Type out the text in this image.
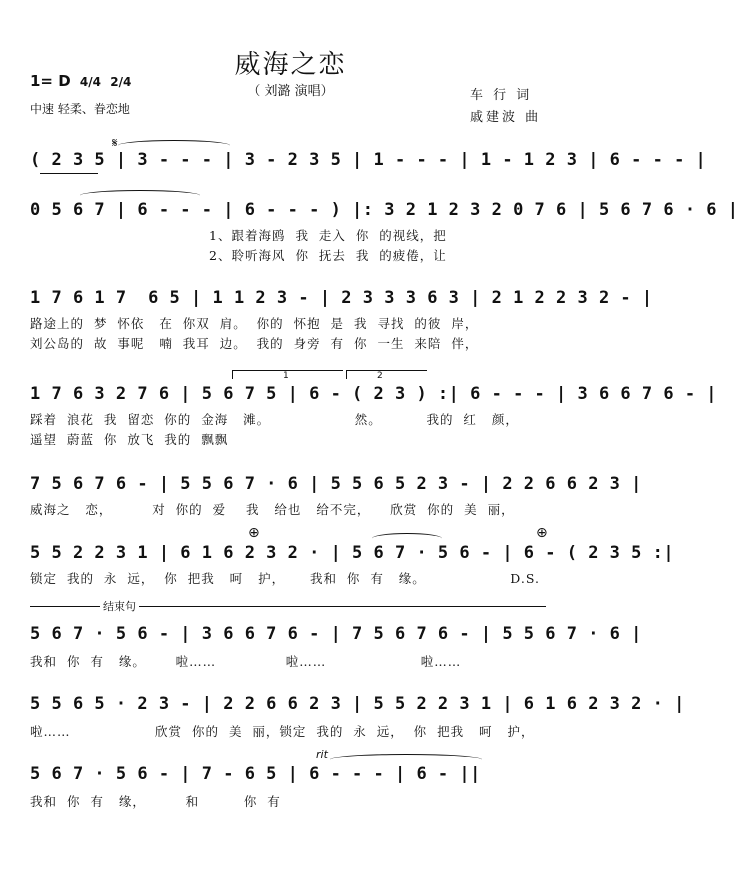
威海之恋
（ 刘潞 演唱）
1= D 4/4 2/4
中速 轻柔、眷恋地
车 行 词
戚建波 曲
( 2 3 5 | 3 - - - | 3 - 2 3 5 | 1 - - - | 1 - 1 2 3 | 6 - - - |
𝄋
0 5 6 7 | 6 - - - | 6 - - - ) |: 3 2 1 2 3 2 0 7 6 | 5 6 7 6 · 6 |
1、跟着海鸥  我  走入  你  的视线，把
2、聆听海风  你  抚去  我  的疲倦，让
1 7 6 1 7  6 5 | 1 1 2 3 - | 2 3 3 3 6 3 | 2 1 2 2 3 2 - |
路途上的  梦  怀依   在  你双  肩。  你的  怀抱  是  我  寻找  的彼  岸，
刘公岛的  故  事呢   喃  我耳  边。  我的  身旁  有  你  一生  来陪  伴，
1 7 6 3 2 7 6 | 5 6 7 5 | 6 - ( 2 3 ) :| 6 - - - | 3 6 6 7 6 - |
1	2
踩着  浪花  我  留恋  你的  金海   滩。                 然。         我的  红   颜，
遥望  蔚蓝  你  放飞  我的  飘飘
7 5 6 7 6 - | 5 5 6 7 · 6 | 5 5 6 5 2 3 - | 2 2 6 6 2 3 |
威海之   恋，        对  你的  爱    我   给也   给不完，    欣赏  你的  美  丽，
5 5 2 2 3 1 | 6 1 6 2 3 2 · | 5 6 7 · 5 6 - | 6 - ( 2 3 5 :|
⊕	⊕
锁定  我的  永  远，  你  把我   呵   护，     我和  你  有   缘。                 D.S.
结束句
5 6 7 · 5 6 - | 3 6 6 7 6 - | 7 5 6 7 6 - | 5 5 6 7 · 6 |
我和  你  有   缘。      啦……              啦……                   啦……
5 5 6 5 · 2 3 - | 2 2 6 6 2 3 | 5 5 2 2 3 1 | 6 1 6 2 3 2 · |
啦……                 欣赏  你的  美  丽，锁定  我的  永  远，  你  把我   呵   护，
5 6 7 · 5 6 - | 7 - 6 5 | 6 - - - | 6 - ||
rit
我和  你  有   缘，        和         你  有
